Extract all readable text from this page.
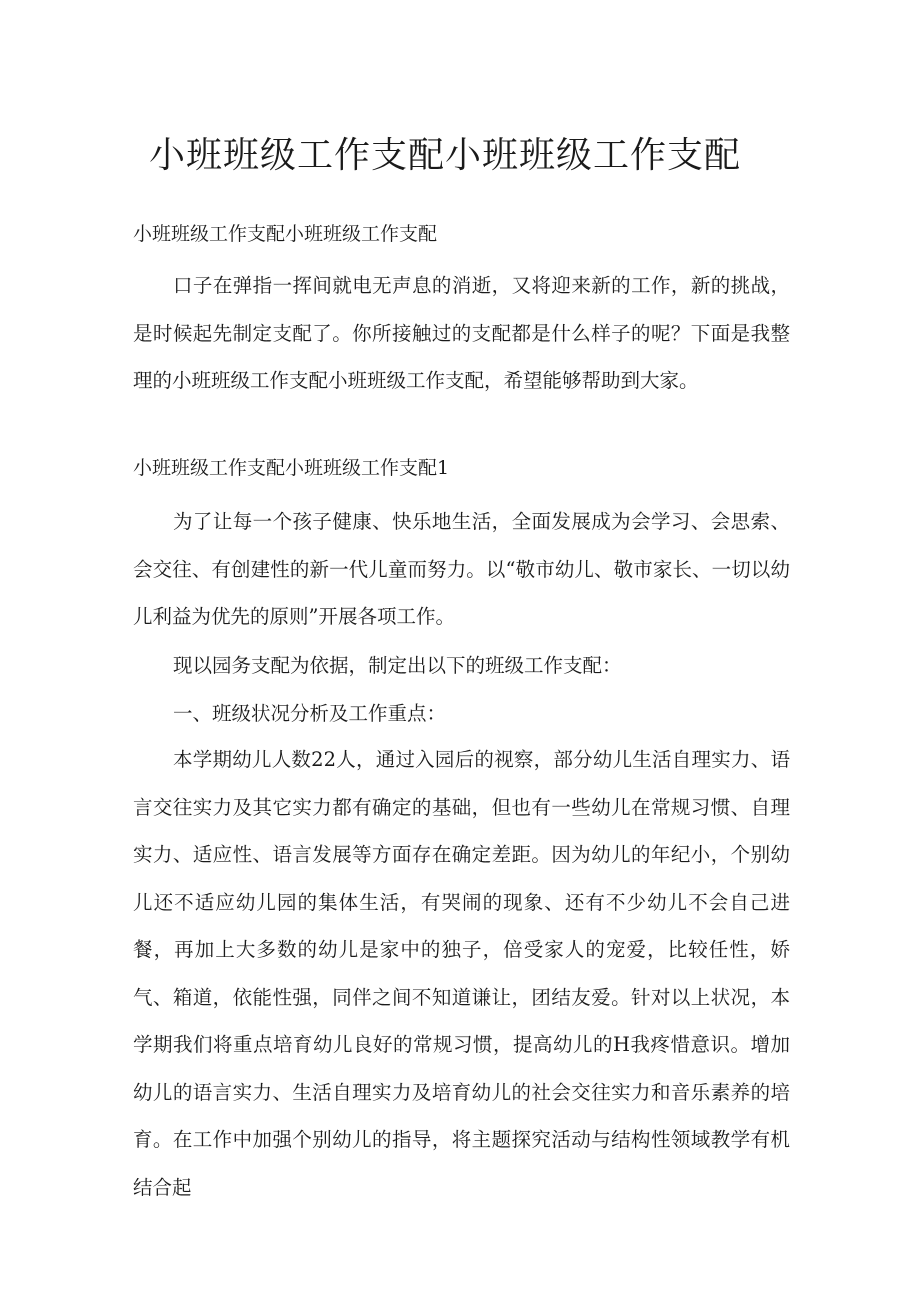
小班班级工作支配小班班级工作支配

小班班级工作支配小班班级工作支配

口子在弹指一挥间就电无声息的消逝，又将迎来新的工作，新的挑战，是时候起先制定支配了。你所接触过的支配都是什么样子的呢？下面是我整理的小班班级工作支配小班班级工作支配，希望能够帮助到大家。

小班班级工作支配小班班级工作支配1

为了让每一个孩子健康、快乐地生活，全面发展成为会学习、会思索、会交往、有创建性的新一代儿童而努力。以“敬市幼儿、敬市家长、一切以幼儿利益为优先的原则”开展各项工作。

现以园务支配为依据，制定出以下的班级工作支配：

一、班级状况分析及工作重点：

本学期幼儿人数22人，通过入园后的视察，部分幼儿生活自理实力、语言交往实力及其它实力都有确定的基础，但也有一些幼儿在常规习惯、自理实力、适应性、语言发展等方面存在确定差距。因为幼儿的年纪小，个别幼儿还不适应幼儿园的集体生活，有哭闹的现象、还有不少幼儿不会自己进餐，再加上大多数的幼儿是家中的独子，倍受家人的宠爱，比较任性，娇气、箱道，依能性强，同伴之间不知道谦让，团结友爱。针对以上状况，本学期我们将重点培育幼儿良好的常规习惯，提高幼儿的H我疼惜意识。增加幼儿的语言实力、生活自理实力及培育幼儿的社会交往实力和音乐素养的培育。在工作中加强个别幼儿的指导，将主题探究活动与结构性领域教学有机结合起
